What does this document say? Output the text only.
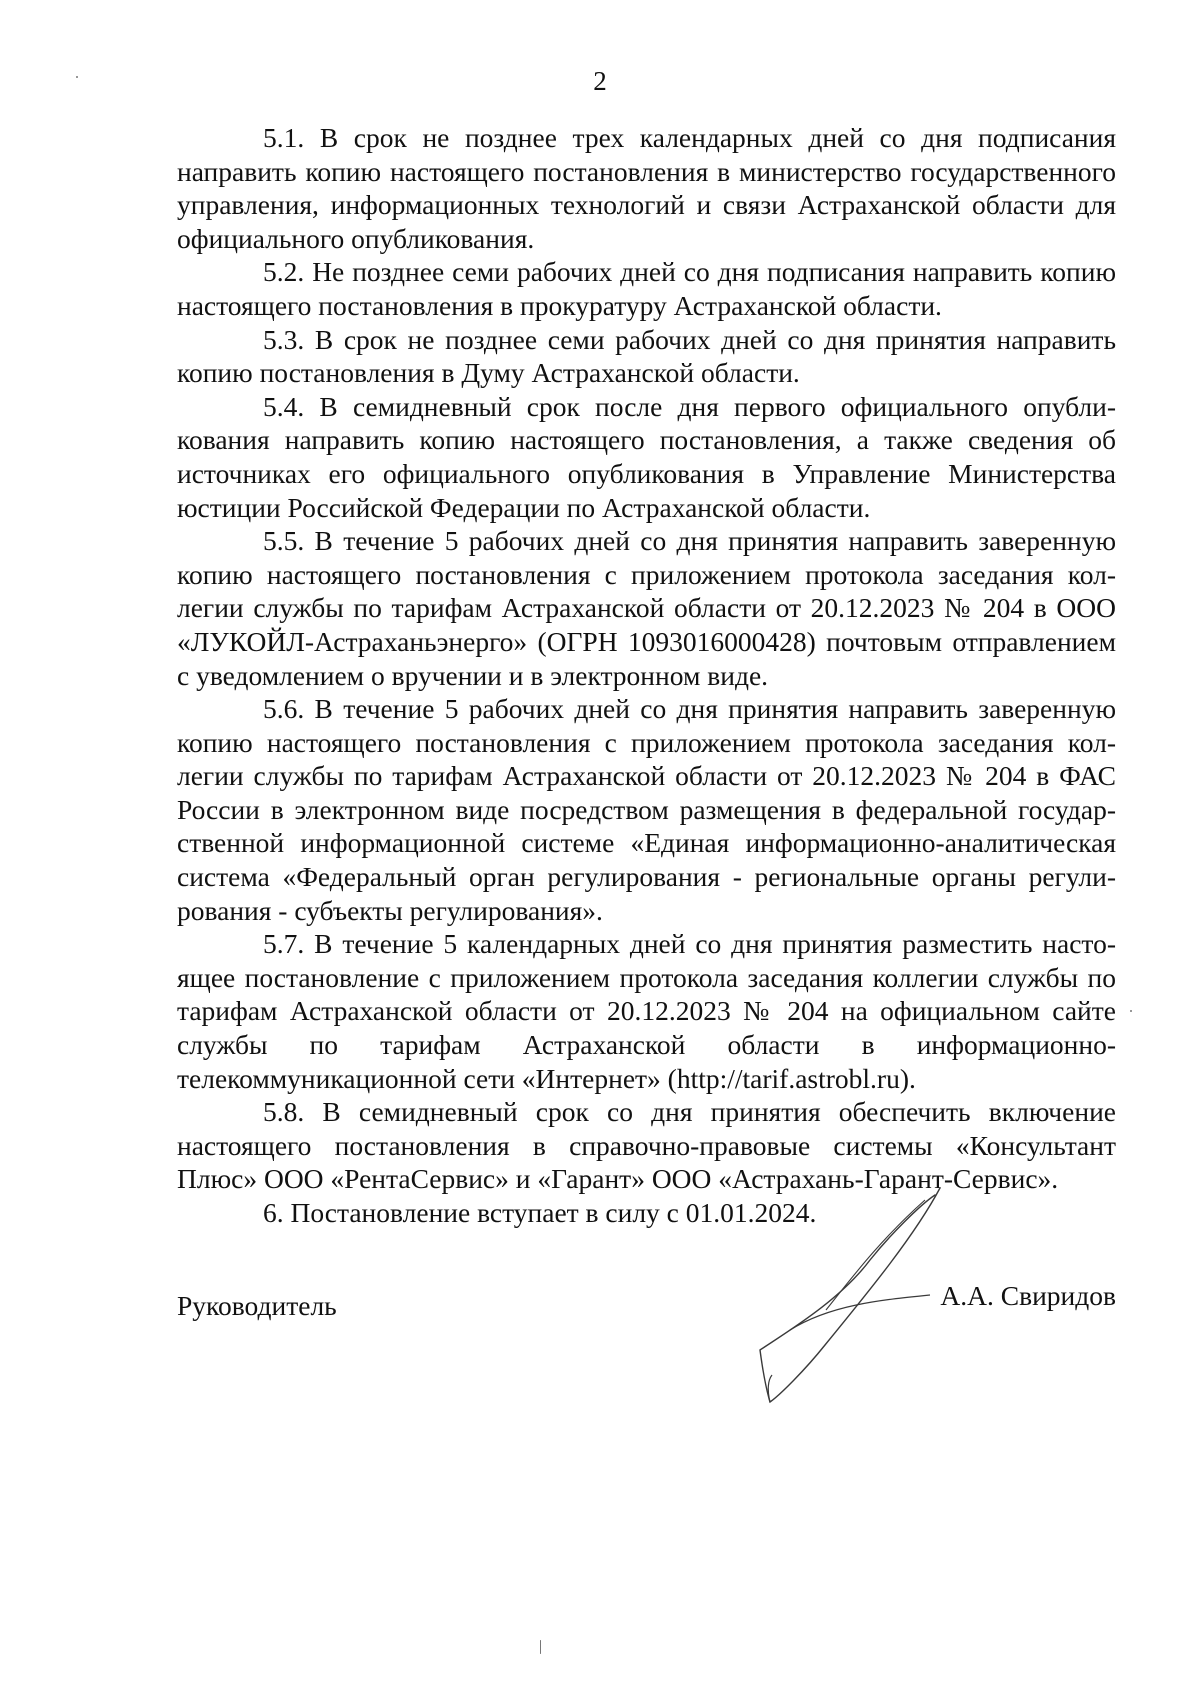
2

5.1. В срок не позднее трех календарных дней со дня подписания направить копию настоящего постановления в министерство государственного управления, информационных технологий и связи Астраханской области для официального опубликования.

5.2. Не позднее семи рабочих дней со дня подписания направить копию настоящего постановления в прокуратуру Астраханской области.

5.3. В срок не позднее семи рабочих дней со дня принятия направить копию постановления в Думу Астраханской области.

5.4. В семидневный срок после дня первого официального опубликования направить копию настоящего постановления, а также сведения об источниках его официального опубликования в Управление Министерства юстиции Российской Федерации по Астраханской области.

5.5. В течение 5 рабочих дней со дня принятия направить заверенную копию настоящего постановления с приложением протокола заседания коллегии службы по тарифам Астраханской области от 20.12.2023 № 204 в ООО «ЛУКОЙЛ-Астраханьэнерго» (ОГРН 1093016000428) почтовым отправлением с уведомлением о вручении и в электронном виде.

5.6. В течение 5 рабочих дней со дня принятия направить заверенную копию настоящего постановления с приложением протокола заседания коллегии службы по тарифам Астраханской области от 20.12.2023 № 204 в ФАС России в электронном виде посредством размещения в федеральной государственной информационной системе «Единая информационно-аналитическая система «Федеральный орган регулирования - региональные органы регулирования - субъекты регулирования».

5.7. В течение 5 календарных дней со дня принятия разместить настоящее постановление с приложением протокола заседания коллегии службы по тарифам Астраханской области от 20.12.2023 № 204 на официальном сайте службы по тарифам Астраханской области в информационно-телекоммуникационной сети «Интернет» (http://tarif.astrobl.ru).

5.8. В семидневный срок со дня принятия обеспечить включение настоящего постановления в справочно-правовые системы «Консультант Плюс» ООО «РентаСервис» и «Гарант» ООО «Астрахань-Гарант-Сервис».

6. Постановление вступает в силу с 01.01.2024.

Руководитель	А.А. Свиридов
